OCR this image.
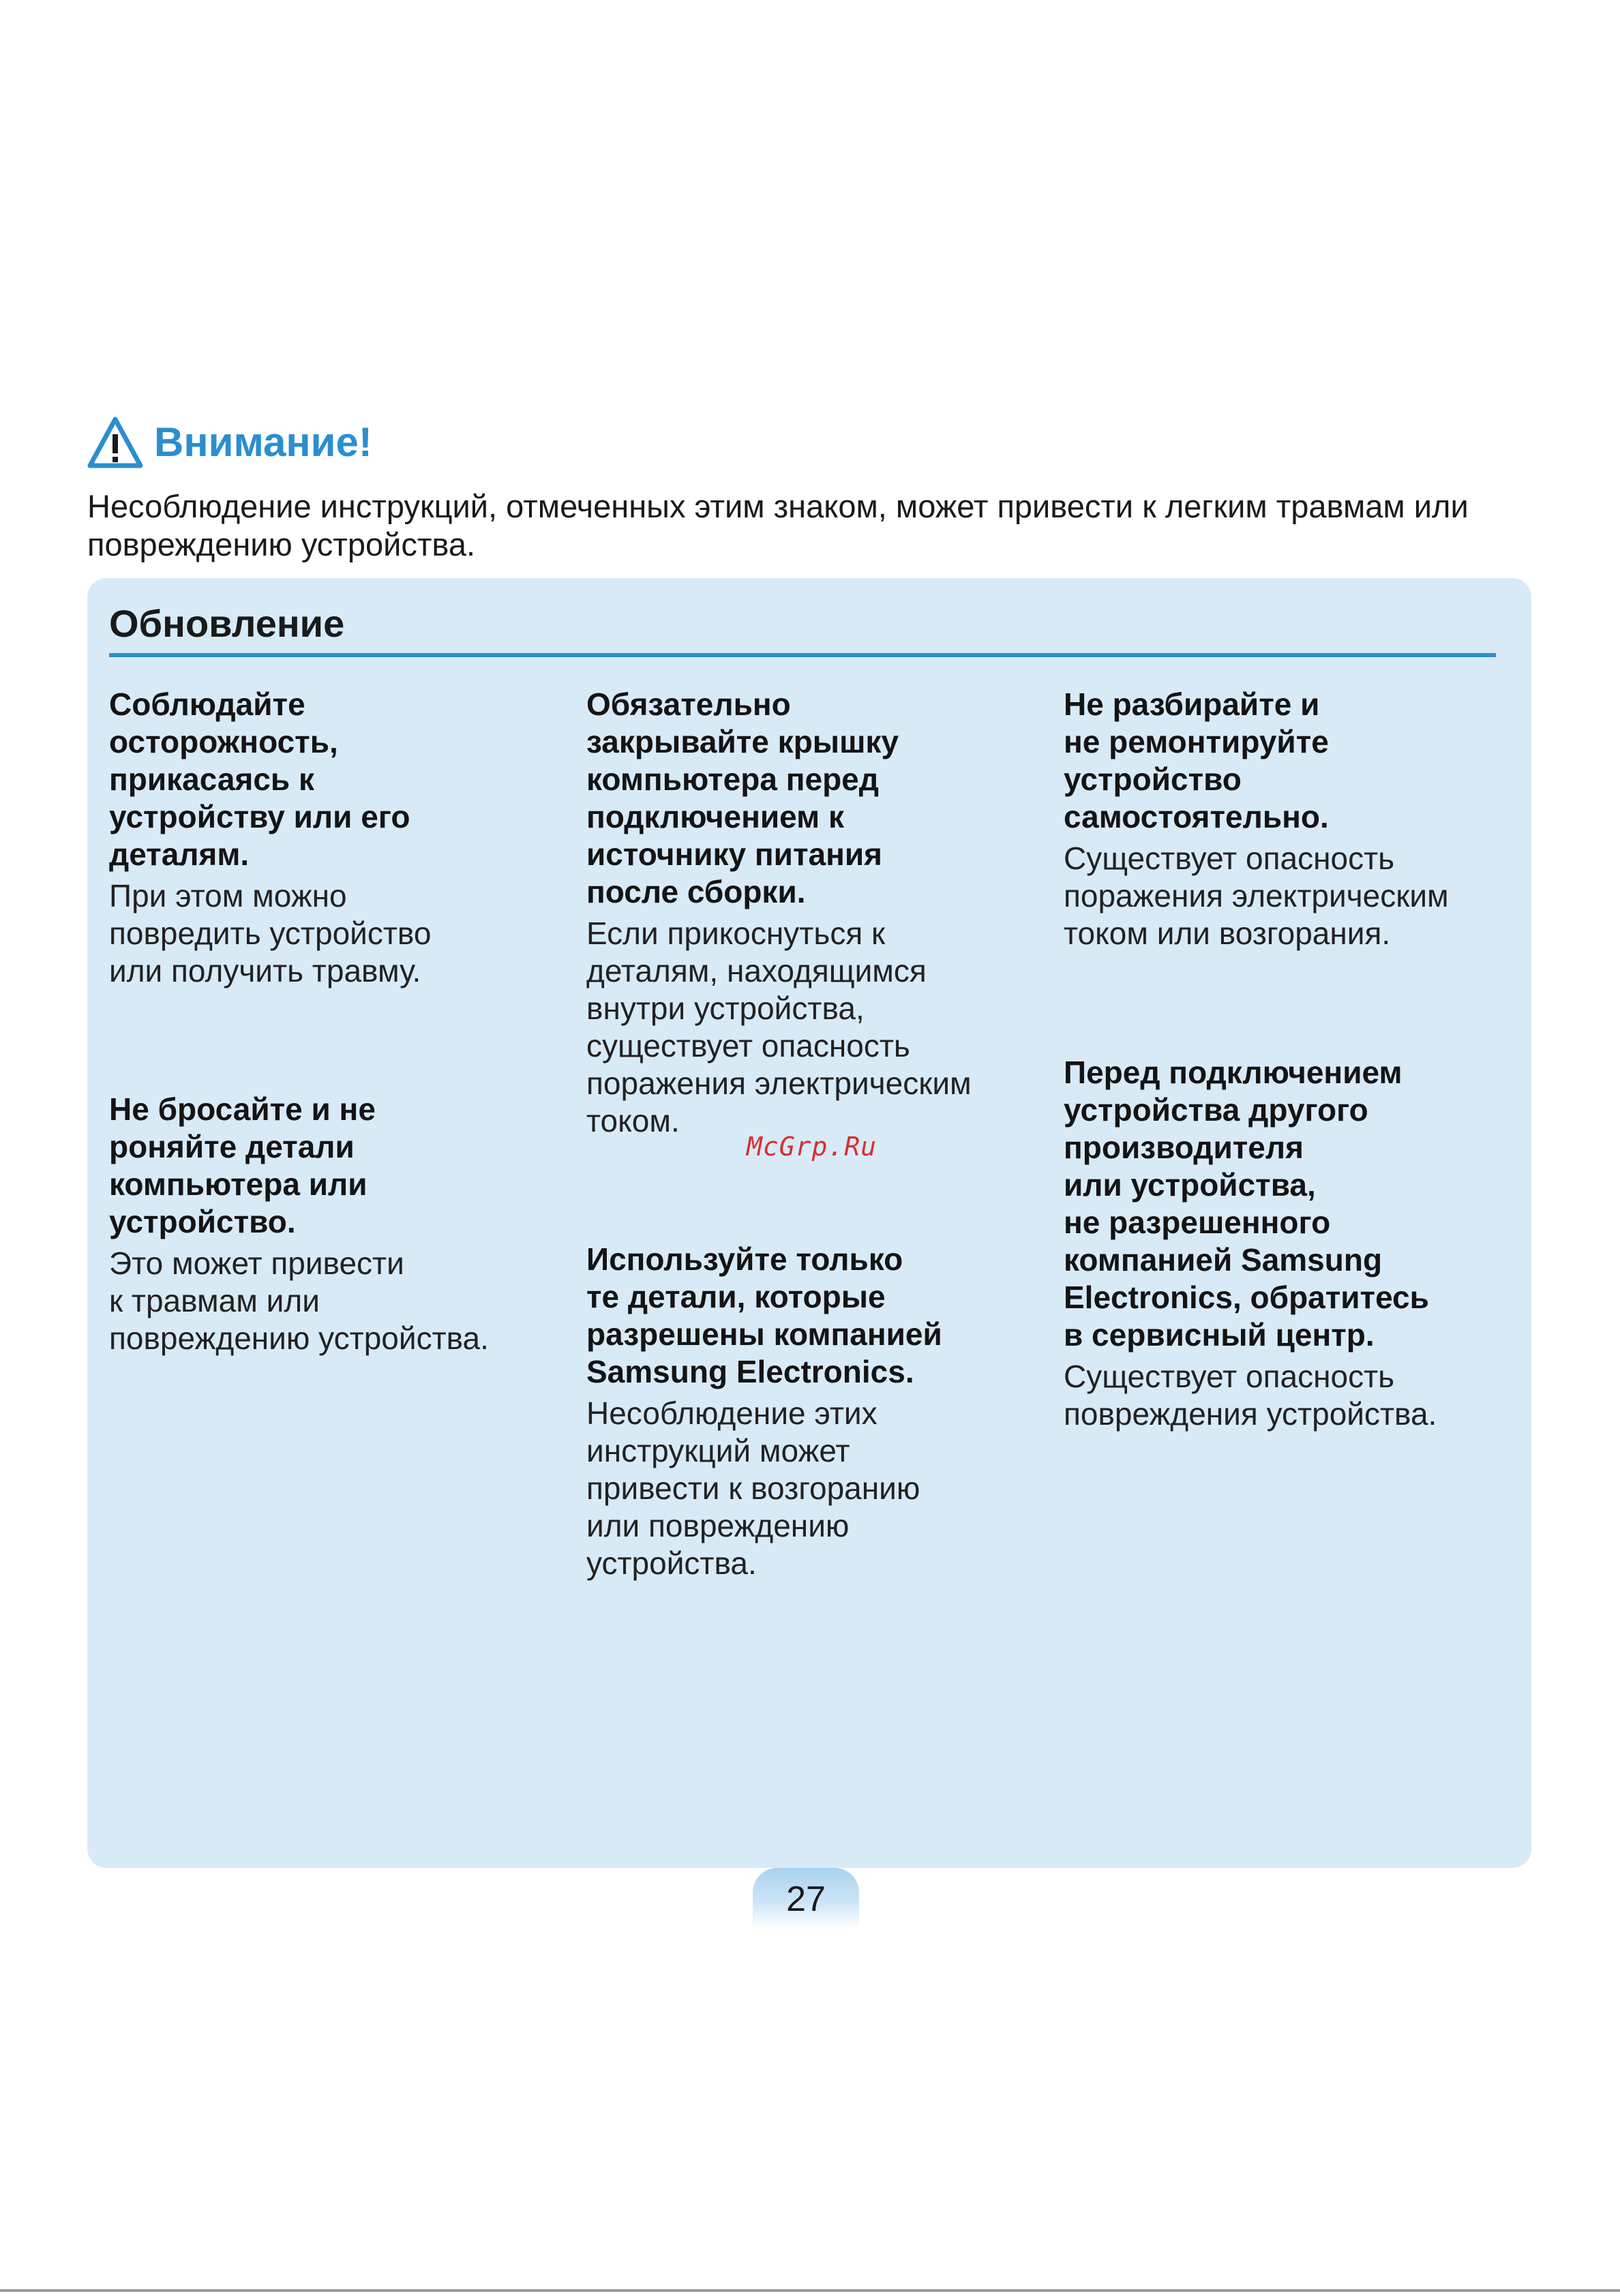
Внимание!
Несоблюдение инструкций, отмеченных этим знаком, может привести к легким травмам или повреждению устройства.
Обновление
Соблюдайте
осторожность,
прикасаясь к
устройству или его
деталям.
При этом можно
повредить устройство
или получить травму.
Не бросайте и не
роняйте детали
компьютера или
устройство.
Это может привести
к травмам или
повреждению устройства.
Обязательно
закрывайте крышку
компьютера перед
подключением к
источнику питания
после сборки.
Если прикоснуться к
деталям, находящимся
внутри устройства,
существует опасность
поражения электрическим
током.
Используйте только
те детали, которые
разрешены компанией
Samsung Electronics.
Несоблюдение этих
инструкций может
привести к возгоранию
или повреждению
устройства.
Не разбирайте и
не ремонтируйте
устройство
самостоятельно.
Существует опасность
поражения электрическим
током или возгорания.
Перед подключением
устройства другого
производителя
или устройства,
не разрешенного
компанией Samsung
Electronics, обратитесь
в сервисный центр.
Существует опасность
повреждения устройства.
McGrp.Ru
27
